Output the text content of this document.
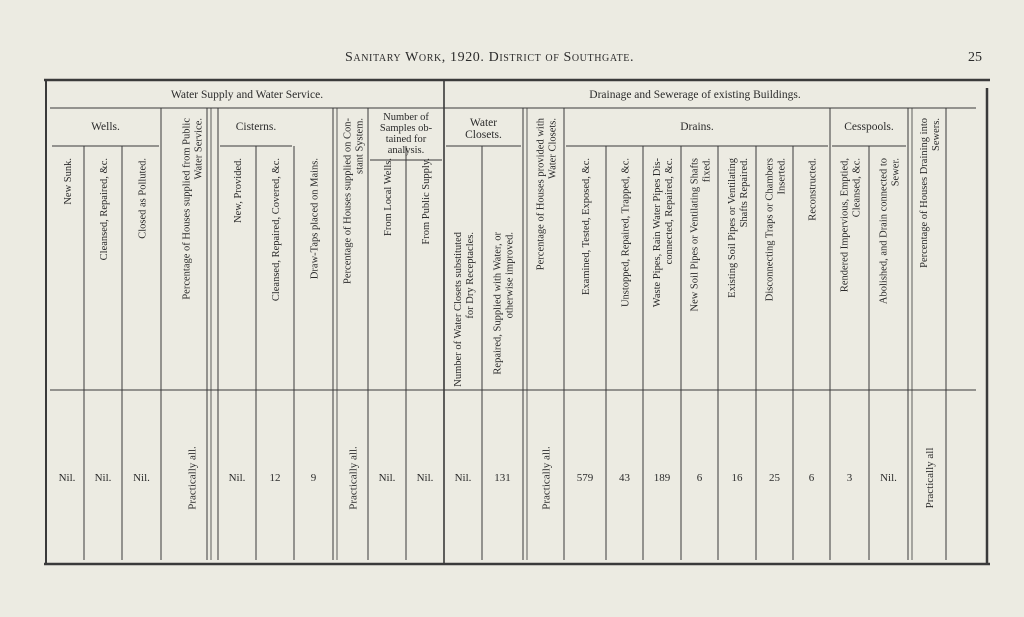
Sanitary Work, 1920. District of Southgate.	25
Water Supply and Water Service.	Drainage and Sewerage of existing Buildings.
Wells.	Cisterns.
Number of
Samples ob-
tained for
analysis.
Water
Closets.
Drains.	Cesspools.
New Sunk.
Nil.
Cleansed, Repaired, &c.
Nil.
Closed as Polluted.
Nil.
Percentage of Houses supplied from Public Water Service.
Practically all.
New, Provided.
Nil.
Cleansed, Repaired, Covered, &c.
12
Draw-Taps placed on Mains.
9
Percentage of Houses supplied on Con- stant System.
Practically all.
From Local Wells.
Nil.
From Public Supply.
Nil.
Number of Water Closets substituted for Dry Receptacles.
Nil.
Repaired, Supplied with Water, or otherwise improved.
131
Percentage of Houses provided with Water Closets.
Practically all.
Examined, Tested, Exposed, &c.
579
Unstopped, Repaired, Trapped, &c.
43
Waste Pipes, Rain Water Pipes Dis- connected, Repaired, &c.
189
New Soil Pipes or Ventilating Shafts fixed.
6
Existing Soil Pipes or Ventilating Shafts Repaired.
16
Disconnecting Traps or Chambers Inserted.
25
Reconstructed.
6
Rendered Impervious, Emptied, Cleansed, &c.
3
Abolished, and Drain connected to Sewer.
Nil.
Percentage of Houses Draining into Sewers.
Practically all
